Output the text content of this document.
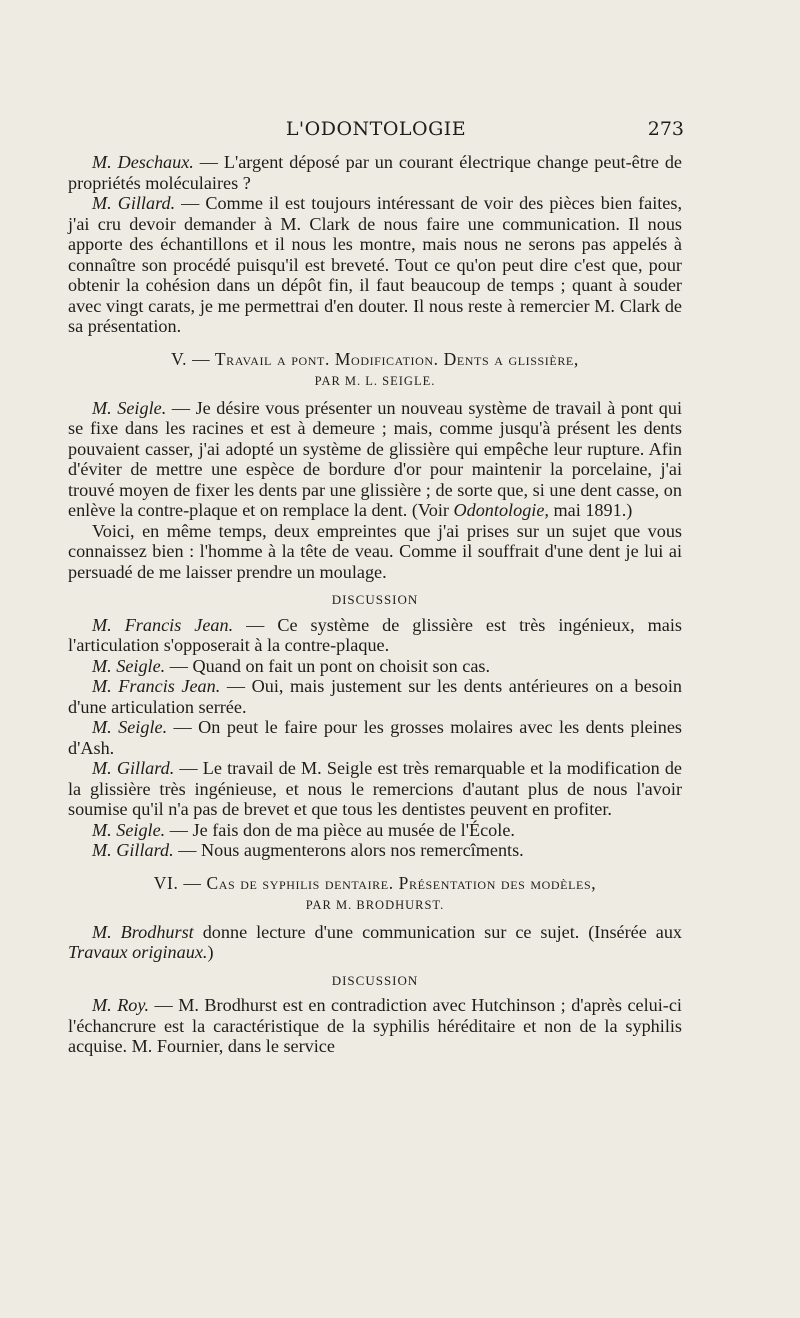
L'ODONTOLOGIE	273

M. Deschaux. — L'argent déposé par un courant électrique change peut-être de propriétés moléculaires ?

M. Gillard. — Comme il est toujours intéressant de voir des pièces bien faites, j'ai cru devoir demander à M. Clark de nous faire une communication. Il nous apporte des échantillons et il nous les montre, mais nous ne serons pas appelés à connaître son procédé puisqu'il est breveté. Tout ce qu'on peut dire c'est que, pour obtenir la cohésion dans un dépôt fin, il faut beaucoup de temps ; quant à souder avec vingt carats, je me permettrai d'en douter. Il nous reste à remercier M. Clark de sa présentation.

V. — Travail a pont. Modification. Dents a glissière,
PAR M. L. SEIGLE.

M. Seigle. — Je désire vous présenter un nouveau système de travail à pont qui se fixe dans les racines et est à demeure ; mais, comme jusqu'à présent les dents pouvaient casser, j'ai adopté un système de glissière qui empêche leur rupture. Afin d'éviter de mettre une espèce de bordure d'or pour maintenir la porcelaine, j'ai trouvé moyen de fixer les dents par une glissière ; de sorte que, si une dent casse, on enlève la contre-plaque et on remplace la dent. (Voir Odontologie, mai 1891.)

Voici, en même temps, deux empreintes que j'ai prises sur un sujet que vous connaissez bien : l'homme à la tête de veau. Comme il souffrait d'une dent je lui ai persuadé de me laisser prendre un moulage.

DISCUSSION

M. Francis Jean. — Ce système de glissière est très ingénieux, mais l'articulation s'opposerait à la contre-plaque.

M. Seigle. — Quand on fait un pont on choisit son cas.

M. Francis Jean. — Oui, mais justement sur les dents antérieures on a besoin d'une articulation serrée.

M. Seigle. — On peut le faire pour les grosses molaires avec les dents pleines d'Ash.

M. Gillard. — Le travail de M. Seigle est très remarquable et la modification de la glissière très ingénieuse, et nous le remercions d'autant plus de nous l'avoir soumise qu'il n'a pas de brevet et que tous les dentistes peuvent en profiter.

M. Seigle. — Je fais don de ma pièce au musée de l'École.

M. Gillard. — Nous augmenterons alors nos remercîments.

VI. — Cas de syphilis dentaire. Présentation des modèles,
PAR M. BRODHURST.

M. Brodhurst donne lecture d'une communication sur ce sujet. (Insérée aux Travaux originaux.)

DISCUSSION

M. Roy. — M. Brodhurst est en contradiction avec Hutchinson ; d'après celui-ci l'échancrure est la caractéristique de la syphilis héréditaire et non de la syphilis acquise. M. Fournier, dans le service
